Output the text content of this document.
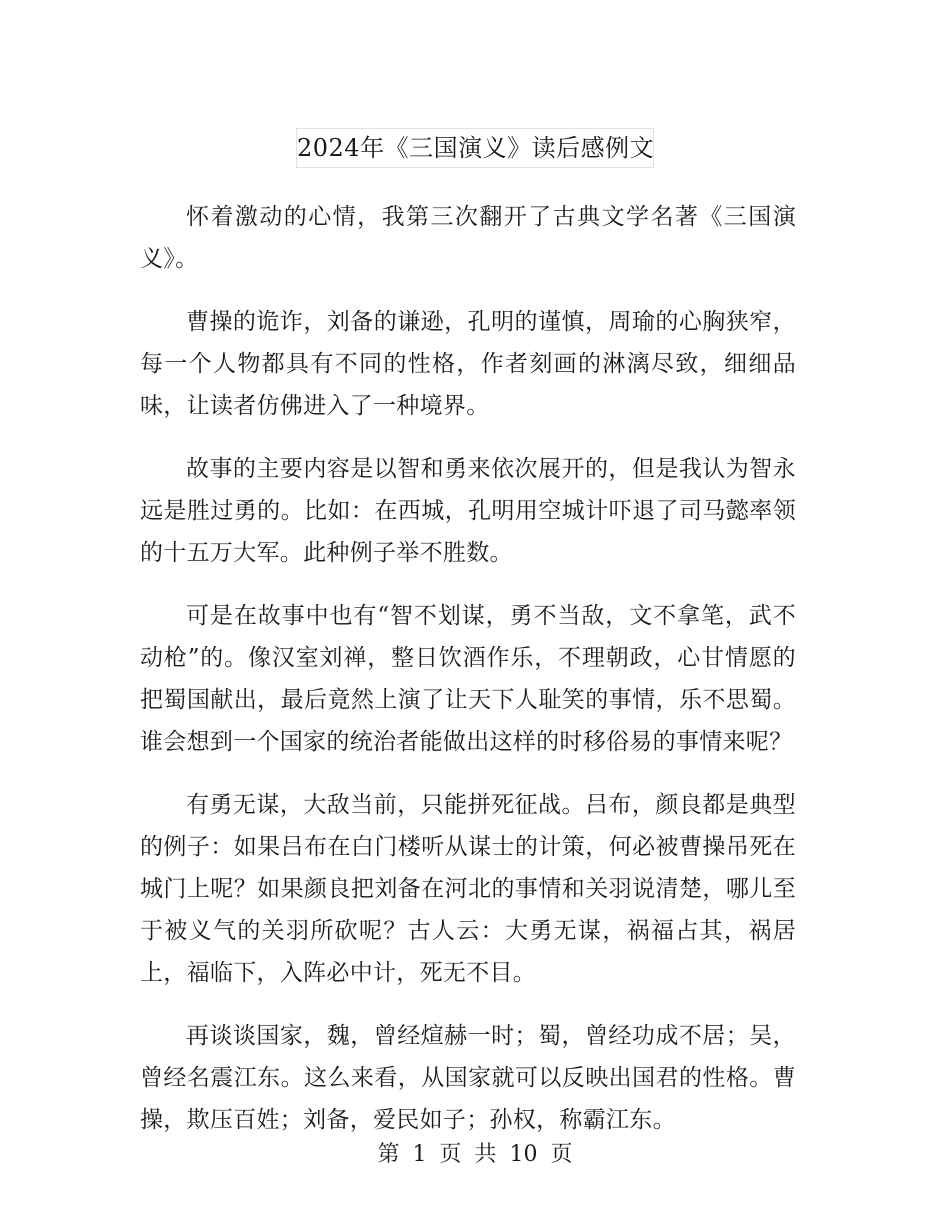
2024年《三国演义》读后感例文

怀着激动的心情，我第三次翻开了古典文学名著《三国演义》。

曹操的诡诈，刘备的谦逊，孔明的谨慎，周瑜的心胸狭窄，每一个人物都具有不同的性格，作者刻画的淋漓尽致，细细品味，让读者仿佛进入了一种境界。

故事的主要内容是以智和勇来依次展开的，但是我认为智永远是胜过勇的。比如：在西城，孔明用空城计吓退了司马懿率领的十五万大军。此种例子举不胜数。

可是在故事中也有“智不划谋，勇不当敌，文不拿笔，武不动枪”的。像汉室刘禅，整日饮酒作乐，不理朝政，心甘情愿的把蜀国献出，最后竟然上演了让天下人耻笑的事情，乐不思蜀。谁会想到一个国家的统治者能做出这样的时移俗易的事情来呢？

有勇无谋，大敌当前，只能拼死征战。吕布，颜良都是典型的例子：如果吕布在白门楼听从谋士的计策，何必被曹操吊死在城门上呢？如果颜良把刘备在河北的事情和关羽说清楚，哪儿至于被义气的关羽所砍呢？古人云：大勇无谋，祸福占其，祸居上，福临下，入阵必中计，死无不目。

再谈谈国家，魏，曾经煊赫一时；蜀，曾经功成不居；吴，曾经名震江东。这么来看，从国家就可以反映出国君的性格。曹操，欺压百姓；刘备，爱民如子；孙权，称霸江东。

第 1 页 共 10 页
